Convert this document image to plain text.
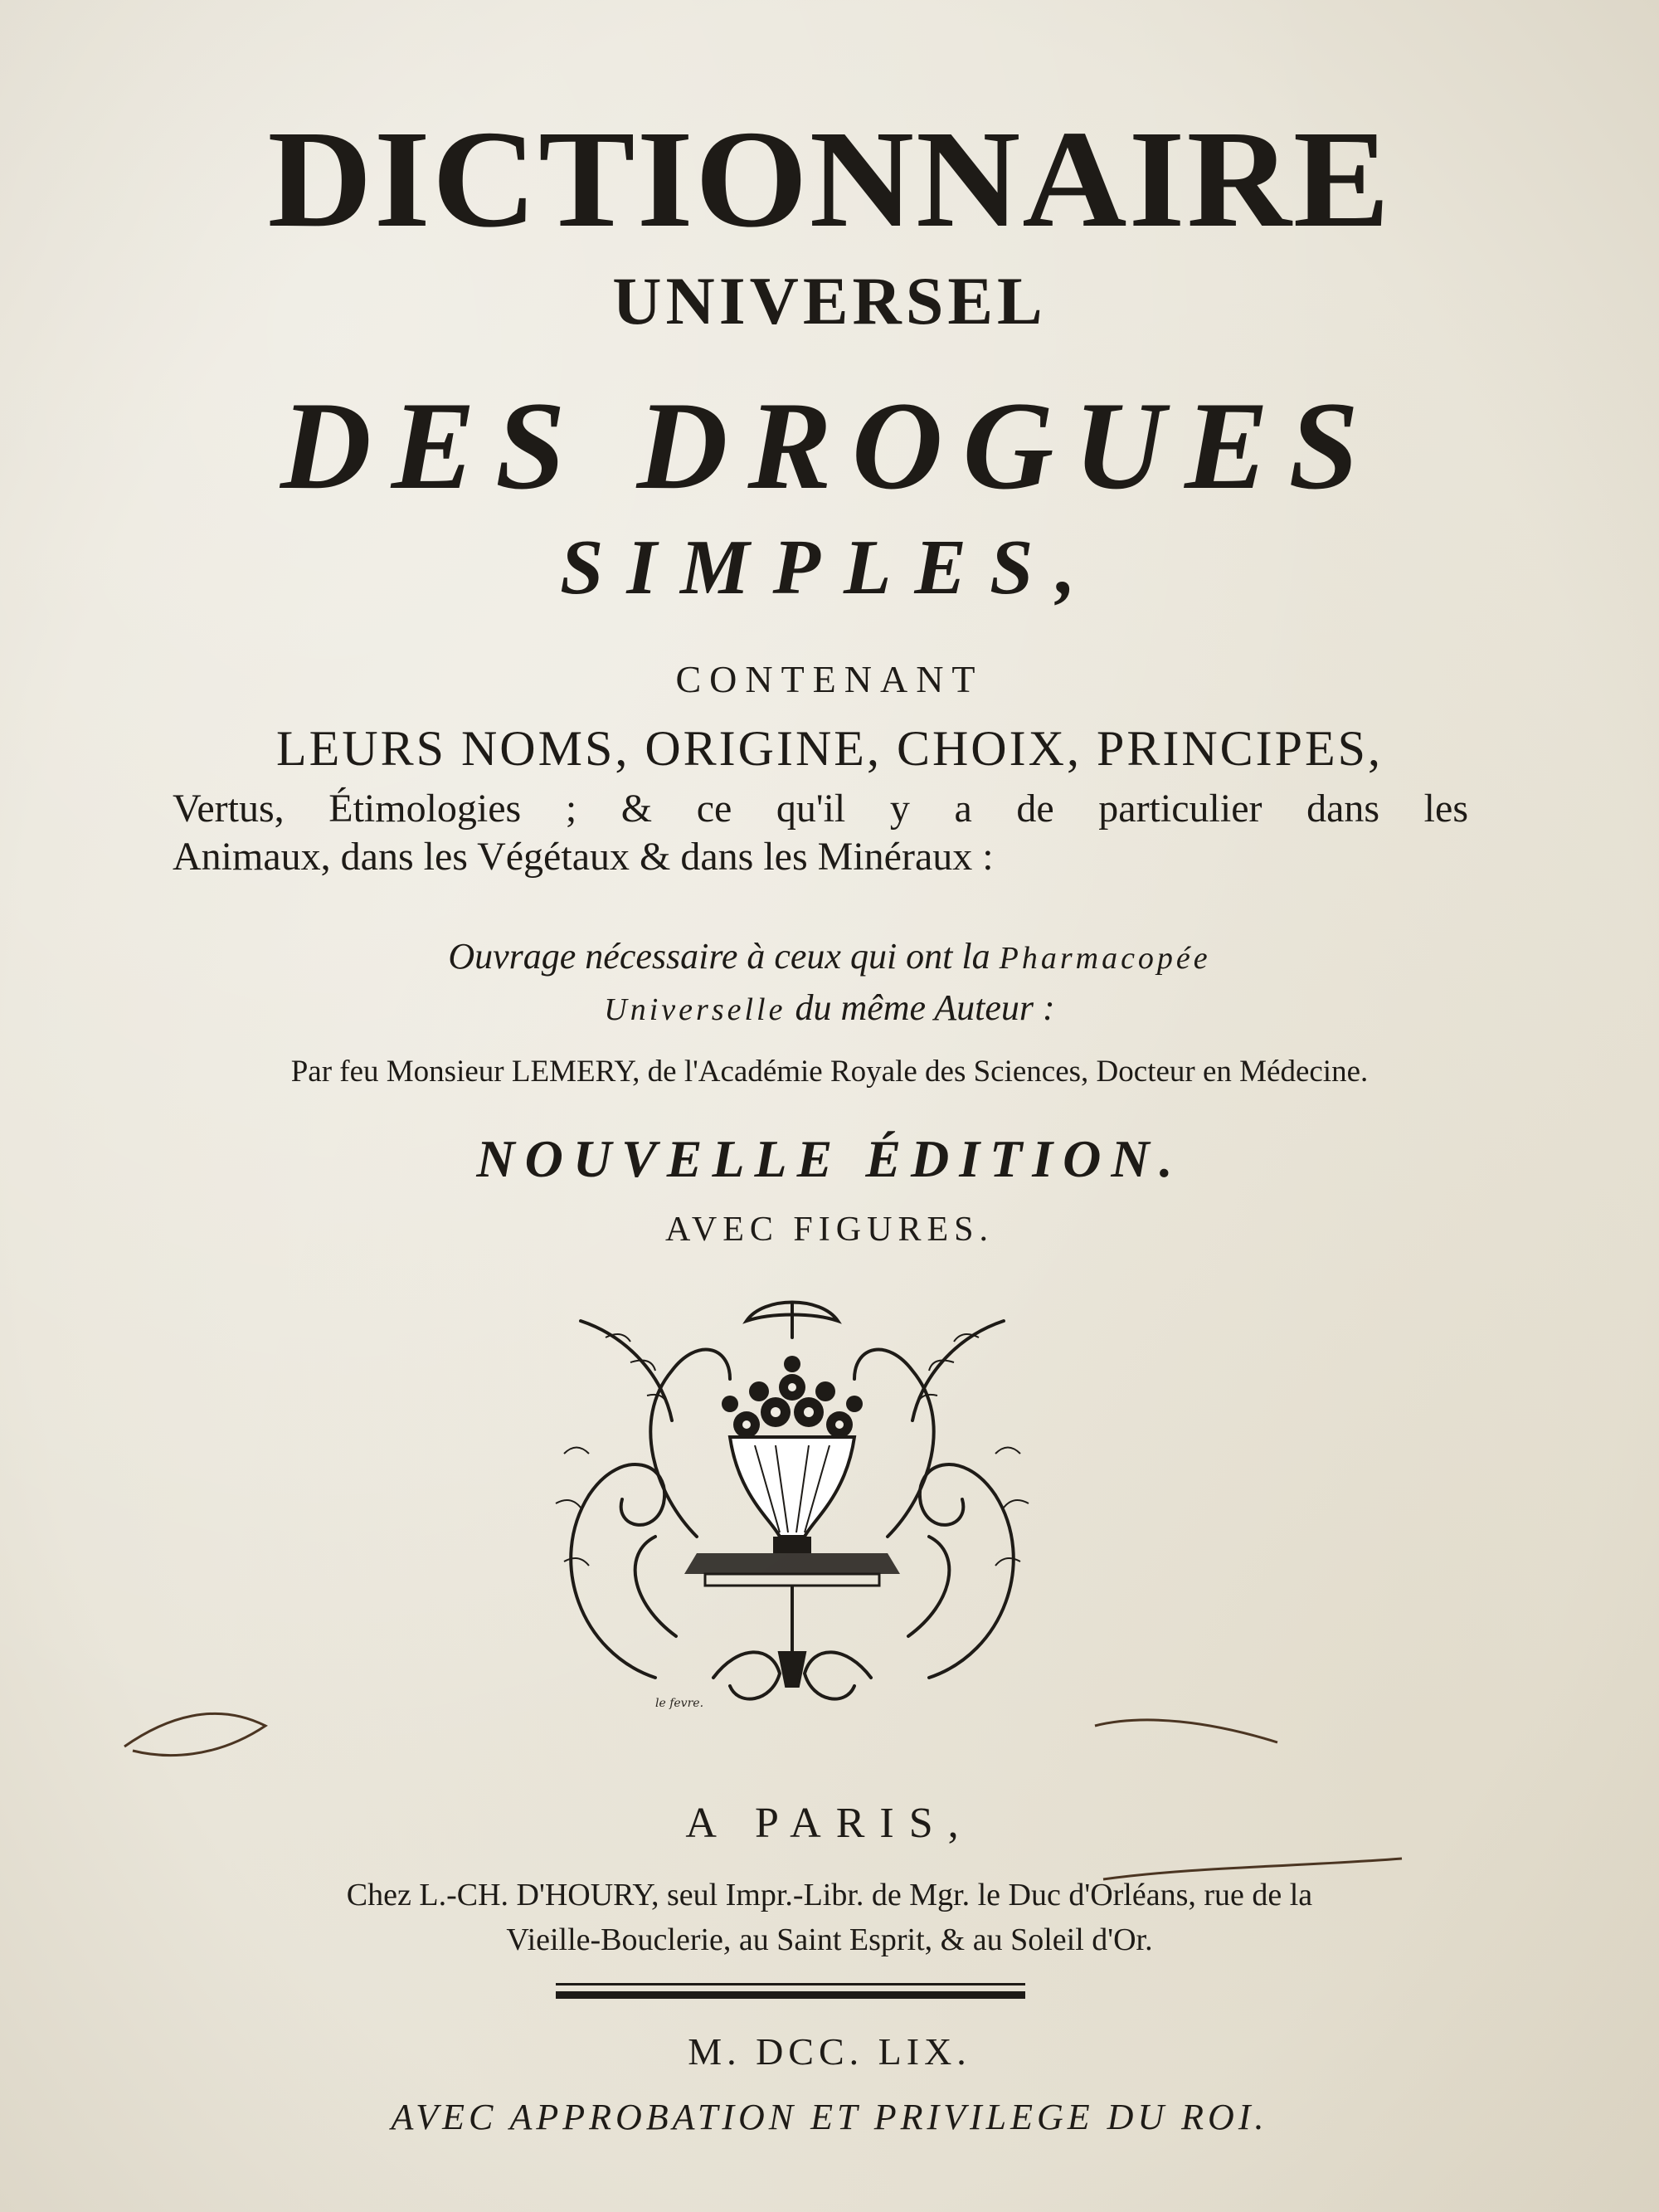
DICTIONNAIRE
UNIVERSEL
DES DROGUES
SIMPLES,
CONTENANT
LEURS NOMS, ORIGINE, CHOIX, PRINCIPES,
Vertus, Étimologies ; & ce qu'il y a de particulier dans les
Animaux, dans les Végétaux & dans les Minéraux :
Ouvrage nécessaire à ceux qui ont la Pharmacopée
Universelle du même Auteur :
Par feu Monsieur LEMERY, de l'Académie Royale des Sciences, Docteur en Médecine.
NOUVELLE ÉDITION.
AVEC FIGURES.
le fevre.
A PARIS,
Chez L.-CH. D'HOURY, seul Impr.-Libr. de Mgr. le Duc d'Orléans, rue de la
Vieille-Bouclerie, au Saint Esprit, & au Soleil d'Or.
M. DCC. LIX.
AVEC APPROBATION ET PRIVILEGE DU ROI.
